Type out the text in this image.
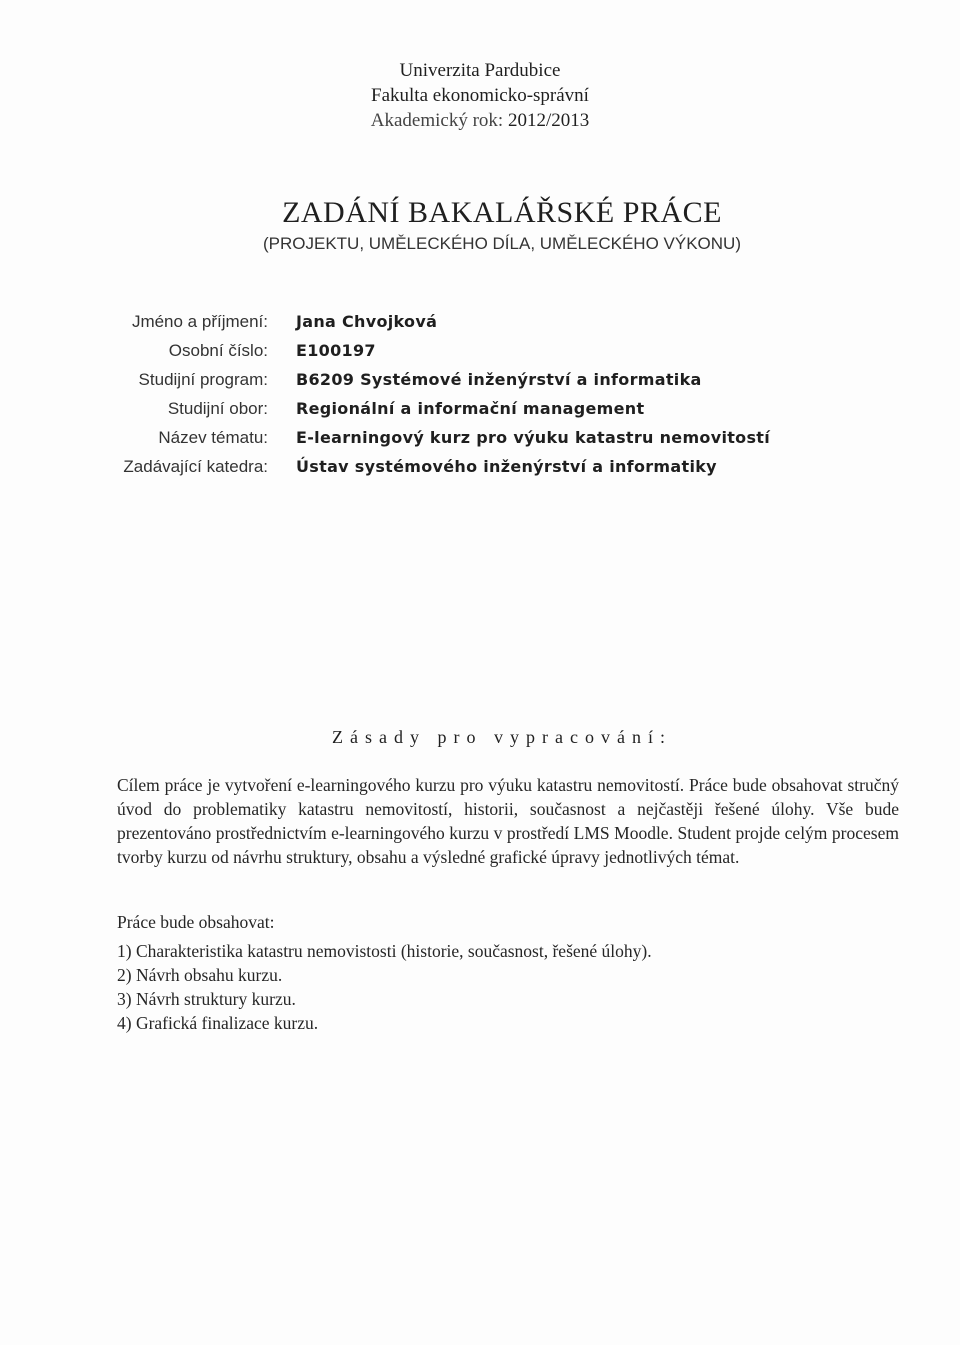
Univerzita Pardubice
Fakulta ekonomicko-správní
Akademický rok: 2012/2013
ZADÁNÍ BAKALÁŘSKÉ PRÁCE
(PROJEKTU, UMĚLECKÉHO DÍLA, UMĚLECKÉHO VÝKONU)
Jméno a příjmení:	Jana Chvojková
Osobní číslo:	E100197
Studijní program:	B6209 Systémové inženýrství a informatika
Studijní obor:	Regionální a informační management
Název tématu:	E-learningový kurz pro výuku katastru nemovitostí
Zadávající katedra:	Ústav systémového inženýrství a informatiky
Zásady pro vypracování:
Cílem práce je vytvoření e-learningového kurzu pro výuku katastru nemovitostí. Práce bude obsahovat stručný úvod do problematiky katastru nemovitostí, historii, současnost a nejčastěji řešené úlohy. Vše bude prezentováno prostřednictvím e-learningového kurzu v prostředí LMS Moodle. Student projde celým procesem tvorby kurzu od návrhu struktury, obsahu a výsledné grafické úpravy jednotlivých témat.
Práce bude obsahovat:
1) Charakteristika katastru nemovistosti (historie, současnost, řešené úlohy).
2) Návrh obsahu kurzu.
3) Návrh struktury kurzu.
4) Grafická finalizace kurzu.
